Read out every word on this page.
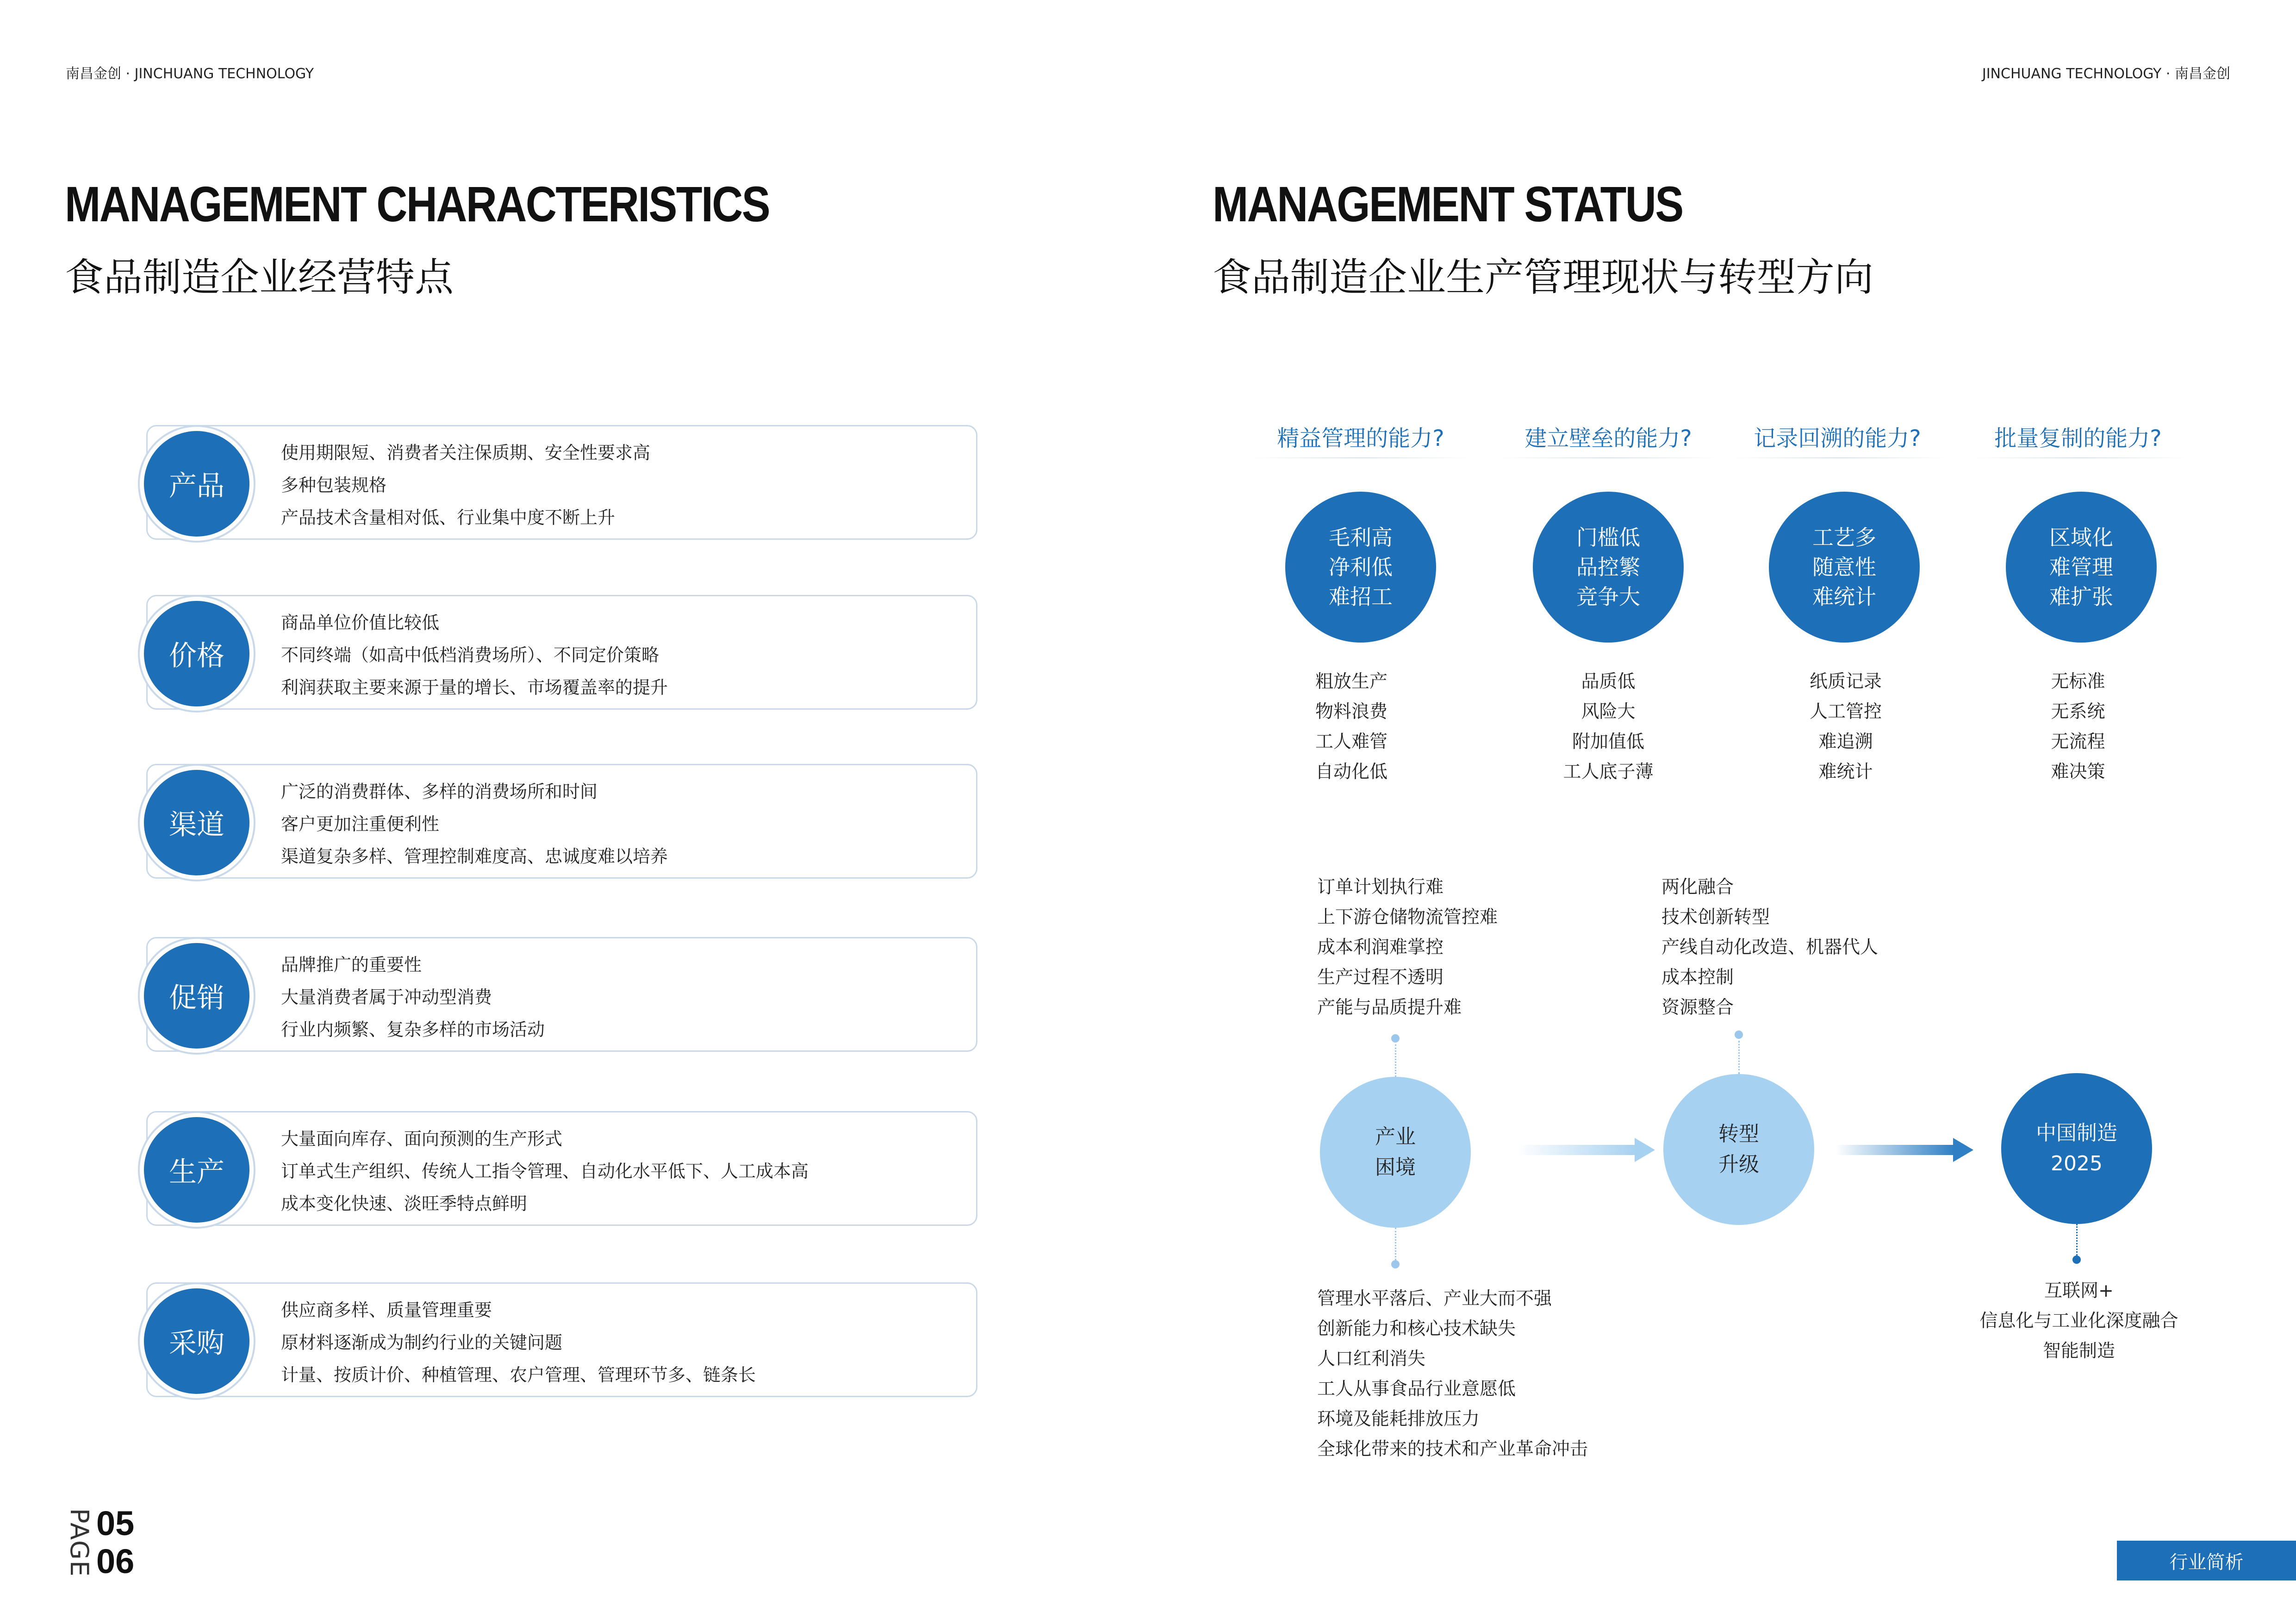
南昌金创 · JINCHUANG TECHNOLOGY	JINCHUANG TECHNOLOGY · 南昌金创
MANAGEMENT CHARACTERISTICS
食品制造企业经营特点
产品
使用期限短、消费者关注保质期、安全性要求高
多种包装规格
产品技术含量相对低、行业集中度不断上升
价格
商品单位价值比较低
不同终端（如高中低档消费场所）、不同定价策略
利润获取主要来源于量的增长、市场覆盖率的提升
渠道
广泛的消费群体、多样的消费场所和时间
客户更加注重便利性
渠道复杂多样、管理控制难度高、忠诚度难以培养
促销
品牌推广的重要性
大量消费者属于冲动型消费
行业内频繁、复杂多样的市场活动
生产
大量面向库存、面向预测的生产形式
订单式生产组织、传统人工指令管理、自动化水平低下、人工成本高
成本变化快速、淡旺季特点鲜明
采购
供应商多样、质量管理重要
原材料逐渐成为制约行业的关键问题
计量、按质计价、种植管理、农户管理、管理环节多、链条长
MANAGEMENT STATUS
食品制造企业生产管理现状与转型方向
精益管理的能力?
毛利高
净利低
难招工
粗放生产
物料浪费
工人难管
自动化低
建立壁垒的能力?
门槛低
品控繁
竞争大
品质低
风险大
附加值低
工人底子薄
记录回溯的能力?
工艺多
随意性
难统计
纸质记录
人工管控
难追溯
难统计
批量复制的能力?
区域化
难管理
难扩张
无标准
无系统
无流程
难决策
订单计划执行难
上下游仓储物流管控难
成本利润难掌控
生产过程不透明
产能与品质提升难
产业
困境
管理水平落后、产业大而不强
创新能力和核心技术缺失
人口红利消失
工人从事食品行业意愿低
环境及能耗排放压力
全球化带来的技术和产业革命冲击
两化融合
技术创新转型
产线自动化改造、机器代人
成本控制
资源整合
转型
升级
中国制造
2025
互联网+
信息化与工业化深度融合
智能制造
PAGE 05
06	行业简析
